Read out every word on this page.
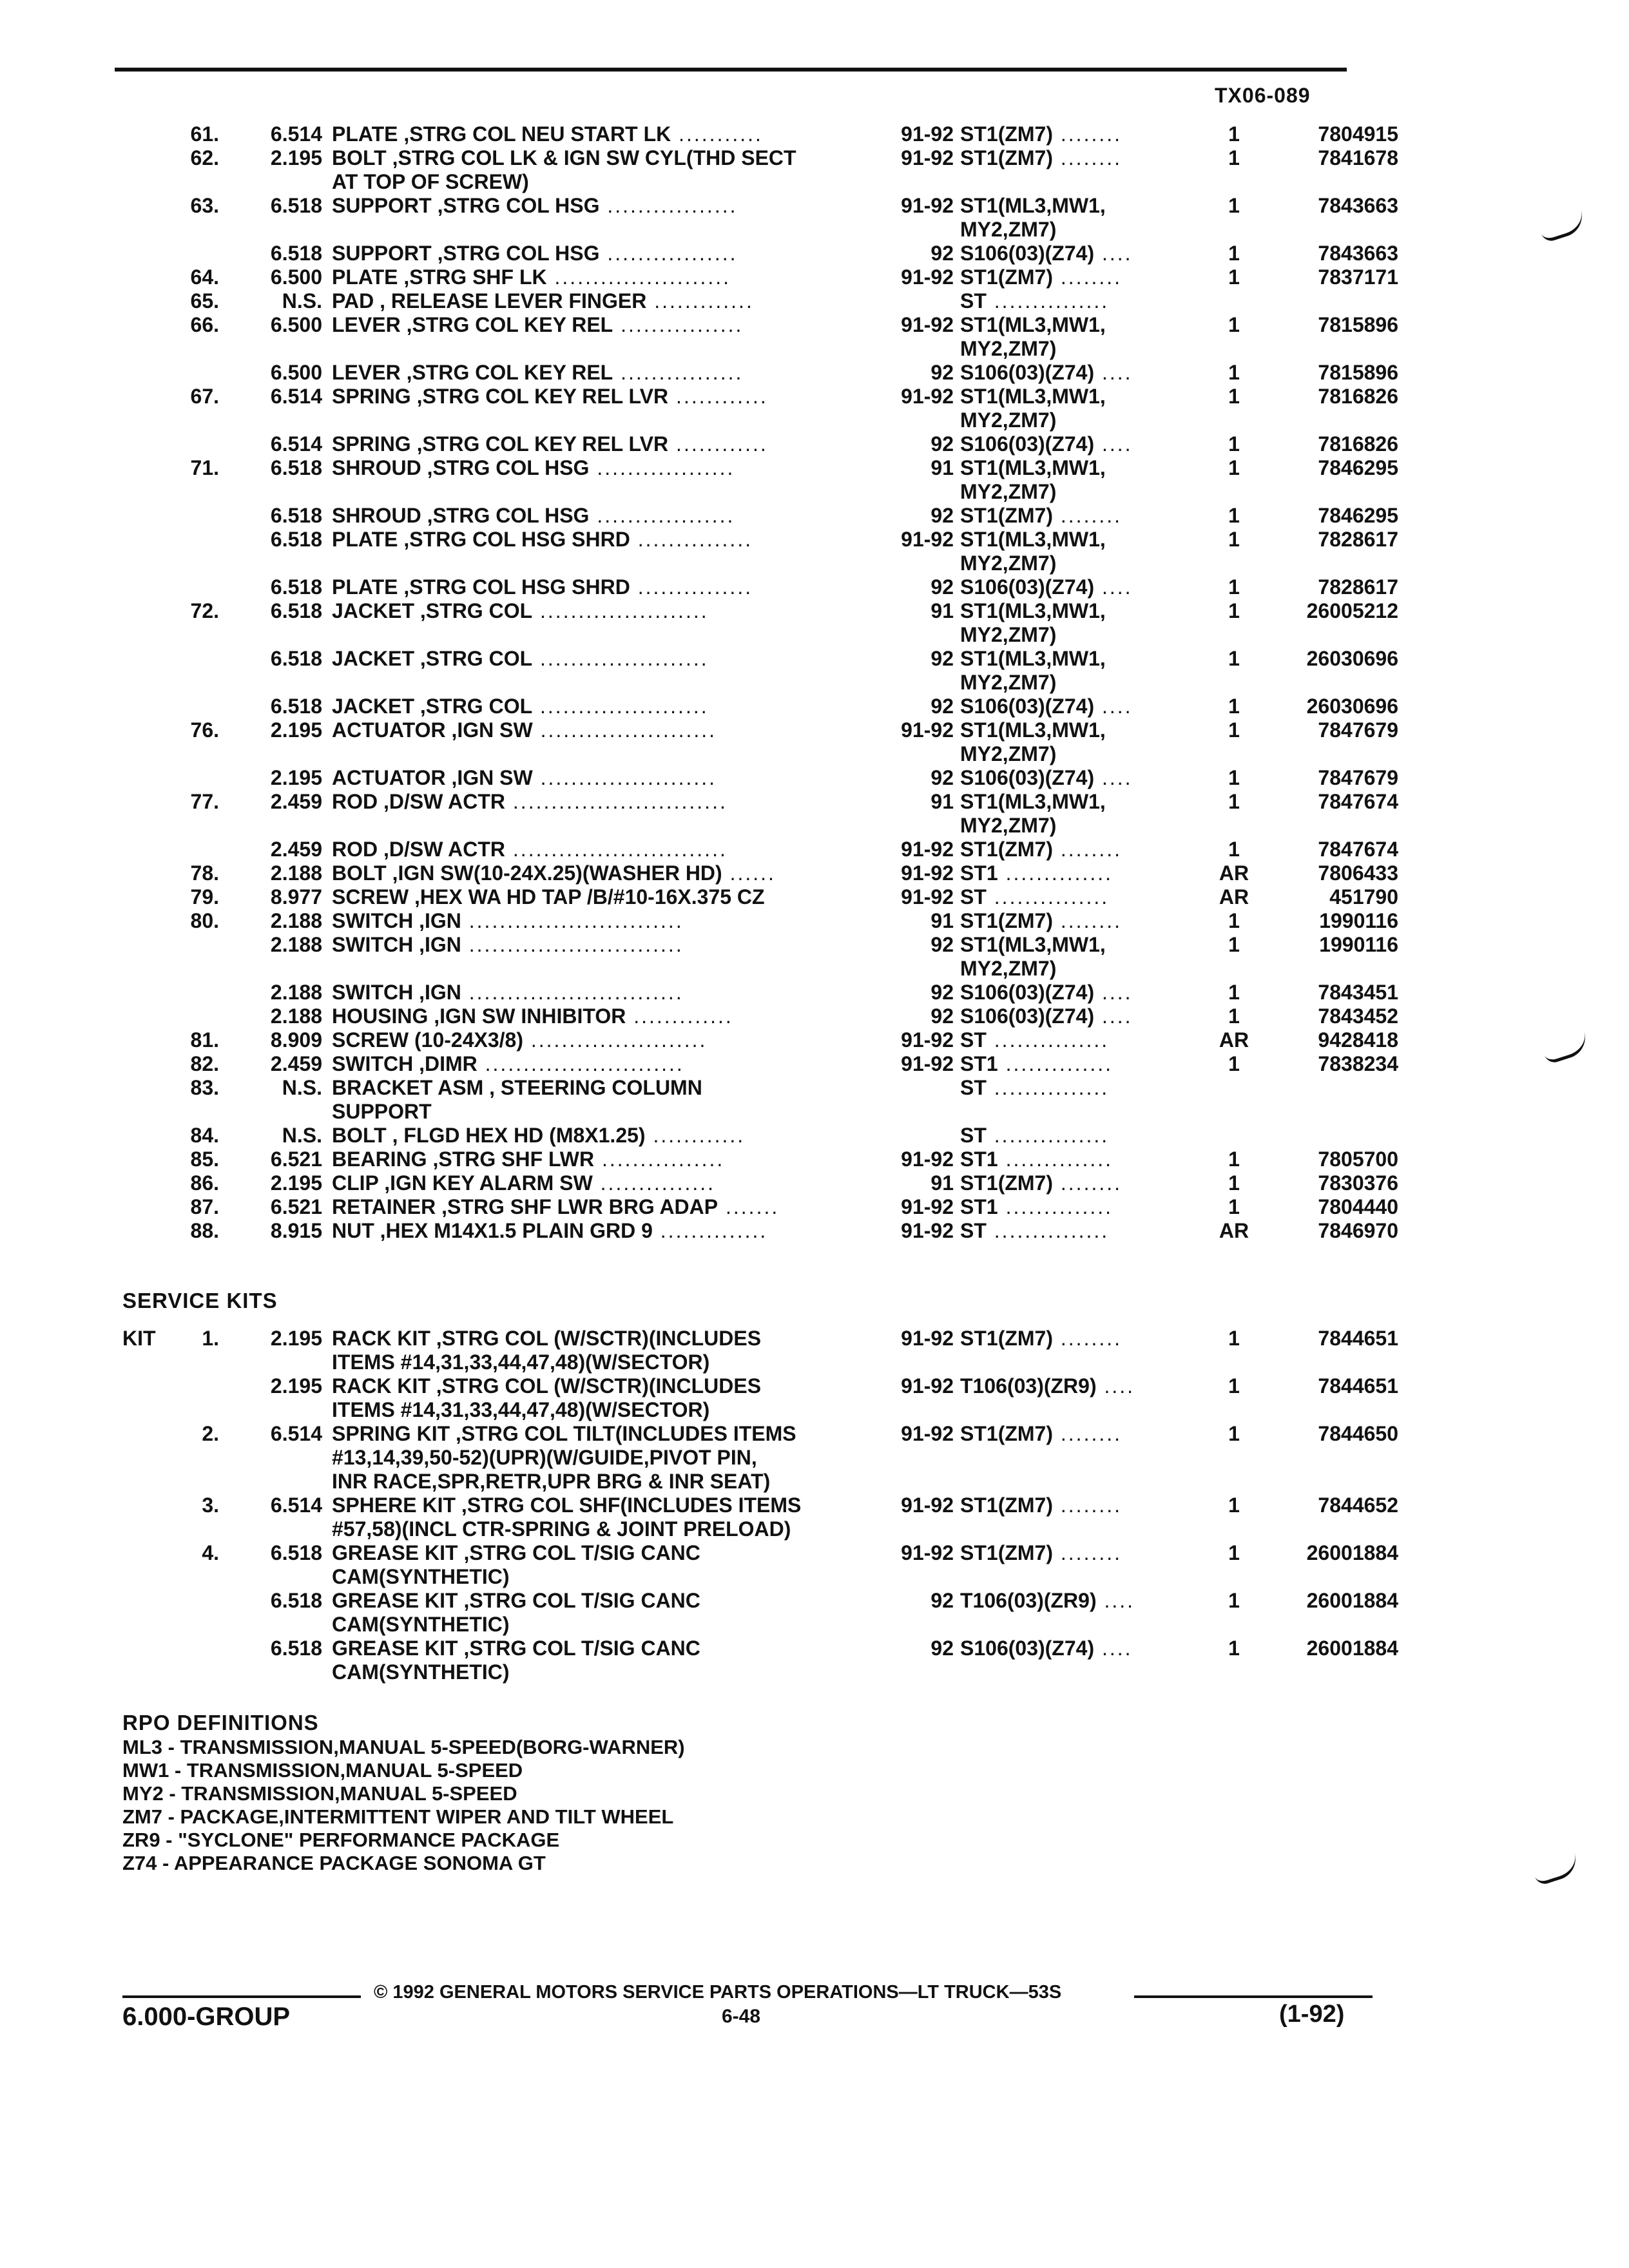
TX06-089
61.	6.514 PLATE ,STRG COL NEU START LK ...........	91-92 ST1(ZM7) ........	1	7804915
62.	2.195 BOLT ,STRG COL LK & IGN SW CYL(THD SECT	91-92 ST1(ZM7) ........	1	7841678
AT TOP OF SCREW)
63.	6.518 SUPPORT ,STRG COL HSG .................	91-92 ST1(ML3,MW1,	1	7843663
MY2,ZM7)
6.518 SUPPORT ,STRG COL HSG .................	92 S106(03)(Z74) ....	1	7843663
64.	6.500 PLATE ,STRG SHF LK .......................	91-92 ST1(ZM7) ........	1	7837171
65.	N.S. PAD , RELEASE LEVER FINGER .............	ST ...............
66.	6.500 LEVER ,STRG COL KEY REL ................	91-92 ST1(ML3,MW1,	1	7815896
MY2,ZM7)
6.500 LEVER ,STRG COL KEY REL ................	92 S106(03)(Z74) ....	1	7815896
67.	6.514 SPRING ,STRG COL KEY REL LVR ............	91-92 ST1(ML3,MW1,	1	7816826
MY2,ZM7)
6.514 SPRING ,STRG COL KEY REL LVR ............	92 S106(03)(Z74) ....	1	7816826
71.	6.518 SHROUD ,STRG COL HSG ..................	91 ST1(ML3,MW1,	1	7846295
MY2,ZM7)
6.518 SHROUD ,STRG COL HSG ..................	92 ST1(ZM7) ........	1	7846295
6.518 PLATE ,STRG COL HSG SHRD ...............	91-92 ST1(ML3,MW1,	1	7828617
MY2,ZM7)
6.518 PLATE ,STRG COL HSG SHRD ...............	92 S106(03)(Z74) ....	1	7828617
72.	6.518 JACKET ,STRG COL ......................	91 ST1(ML3,MW1,	1	26005212
MY2,ZM7)
6.518 JACKET ,STRG COL ......................	92 ST1(ML3,MW1,	1	26030696
MY2,ZM7)
6.518 JACKET ,STRG COL ......................	92 S106(03)(Z74) ....	1	26030696
76.	2.195 ACTUATOR ,IGN SW .......................	91-92 ST1(ML3,MW1,	1	7847679
MY2,ZM7)
2.195 ACTUATOR ,IGN SW .......................	92 S106(03)(Z74) ....	1	7847679
77.	2.459 ROD ,D/SW ACTR ............................	91 ST1(ML3,MW1,	1	7847674
MY2,ZM7)
2.459 ROD ,D/SW ACTR ............................	91-92 ST1(ZM7) ........	1	7847674
78.	2.188 BOLT ,IGN SW(10-24X.25)(WASHER HD) ......	91-92 ST1 ..............	AR	7806433
79.	8.977 SCREW ,HEX WA HD TAP /B/#10-16X.375 CZ	91-92 ST ...............	AR	451790
80.	2.188 SWITCH ,IGN ............................	91 ST1(ZM7) ........	1	1990116
2.188 SWITCH ,IGN ............................	92 ST1(ML3,MW1,	1	1990116
MY2,ZM7)
2.188 SWITCH ,IGN ............................	92 S106(03)(Z74) ....	1	7843451
2.188 HOUSING ,IGN SW INHIBITOR .............	92 S106(03)(Z74) ....	1	7843452
81.	8.909 SCREW (10-24X3/8) .......................	91-92 ST ...............	AR	9428418
82.	2.459 SWITCH ,DIMR ..........................	91-92 ST1 ..............	1	7838234
83.	N.S. BRACKET ASM , STEERING COLUMN	ST ...............
SUPPORT
84.	N.S. BOLT , FLGD HEX HD (M8X1.25) ............	ST ...............
85.	6.521 BEARING ,STRG SHF LWR ................	91-92 ST1 ..............	1	7805700
86.	2.195 CLIP ,IGN KEY ALARM SW ...............	91 ST1(ZM7) ........	1	7830376
87.	6.521 RETAINER ,STRG SHF LWR BRG ADAP .......	91-92 ST1 ..............	1	7804440
88.	8.915 NUT ,HEX M14X1.5 PLAIN GRD 9 ..............	91-92 ST ...............	AR	7846970
SERVICE KITS
KIT	1.	2.195 RACK KIT ,STRG COL (W/SCTR)(INCLUDES	91-92 ST1(ZM7) ........	1	7844651
ITEMS #14,31,33,44,47,48)(W/SECTOR)
2.195 RACK KIT ,STRG COL (W/SCTR)(INCLUDES	91-92 T106(03)(ZR9) ....	1	7844651
ITEMS #14,31,33,44,47,48)(W/SECTOR)
2.	6.514 SPRING KIT ,STRG COL TILT(INCLUDES ITEMS	91-92 ST1(ZM7) ........	1	7844650
#13,14,39,50-52)(UPR)(W/GUIDE,PIVOT PIN,
INR RACE,SPR,RETR,UPR BRG & INR SEAT)
3.	6.514 SPHERE KIT ,STRG COL SHF(INCLUDES ITEMS	91-92 ST1(ZM7) ........	1	7844652
#57,58)(INCL CTR-SPRING & JOINT PRELOAD)
4.	6.518 GREASE KIT ,STRG COL T/SIG CANC	91-92 ST1(ZM7) ........	1	26001884
CAM(SYNTHETIC)
6.518 GREASE KIT ,STRG COL T/SIG CANC	92 T106(03)(ZR9) ....	1	26001884
CAM(SYNTHETIC)
6.518 GREASE KIT ,STRG COL T/SIG CANC	92 S106(03)(Z74) ....	1	26001884
CAM(SYNTHETIC)
RPO DEFINITIONS
ML3 - TRANSMISSION,MANUAL 5-SPEED(BORG-WARNER)
MW1 - TRANSMISSION,MANUAL 5-SPEED
MY2 - TRANSMISSION,MANUAL 5-SPEED
ZM7 - PACKAGE,INTERMITTENT WIPER AND TILT WHEEL
ZR9 - "SYCLONE" PERFORMANCE PACKAGE
Z74 - APPEARANCE PACKAGE SONOMA GT
© 1992 GENERAL MOTORS SERVICE PARTS OPERATIONS—LT TRUCK—53S
6.000-GROUP	6-48	(1-92)
